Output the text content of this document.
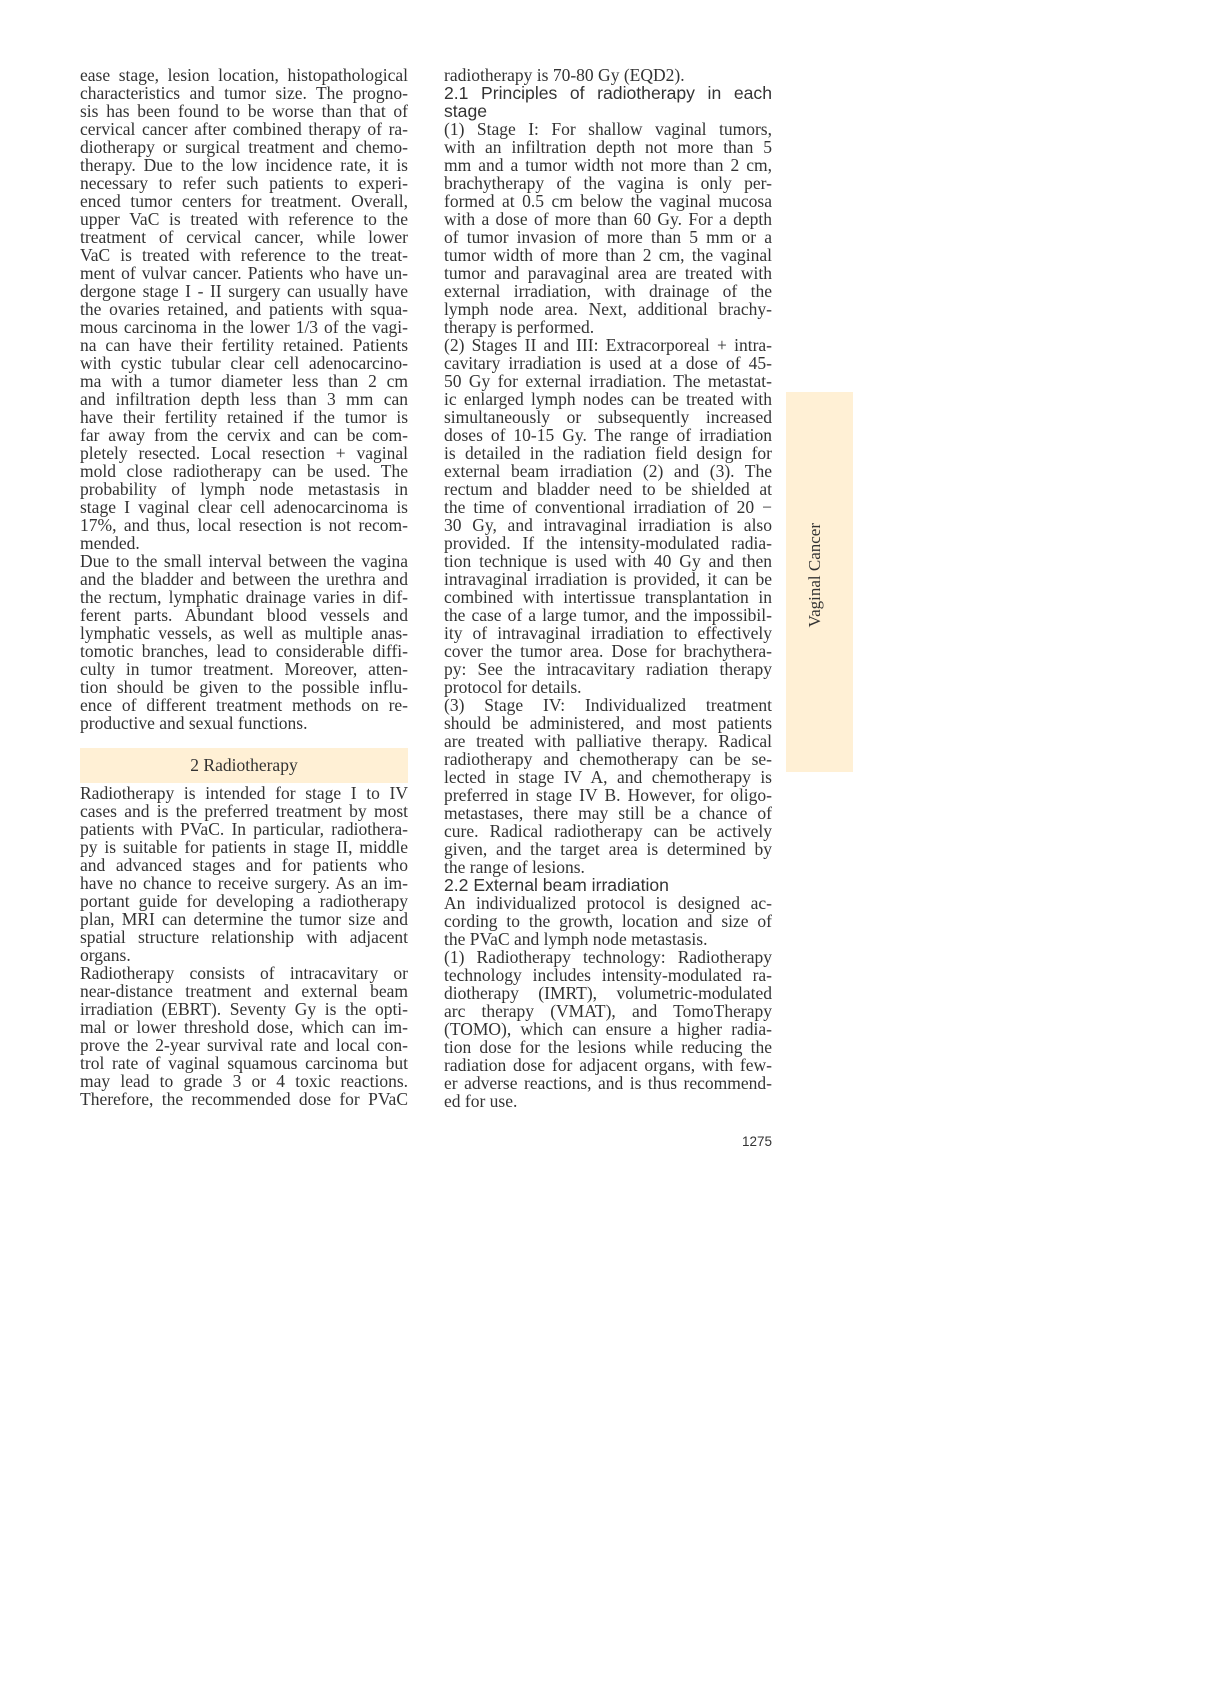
ease stage, lesion location, histopathological
characteristics and tumor size. The progno-
sis has been found to be worse than that of
cervical cancer after combined therapy of ra-
diotherapy or surgical treatment and chemo-
therapy. Due to the low incidence rate, it is
necessary to refer such patients to experi-
enced tumor centers for treatment. Overall,
upper VaC is treated with reference to the
treatment of cervical cancer, while lower
VaC is treated with reference to the treat-
ment of vulvar cancer. Patients who have un-
dergone stage I - II surgery can usually have
the ovaries retained, and patients with squa-
mous carcinoma in the lower 1/3 of the vagi-
na can have their fertility retained. Patients
with cystic tubular clear cell adenocarcino-
ma with a tumor diameter less than 2 cm
and infiltration depth less than 3 mm can
have their fertility retained if the tumor is
far away from the cervix and can be com-
pletely resected. Local resection + vaginal
mold close radiotherapy can be used. The
probability of lymph node metastasis in
stage I vaginal clear cell adenocarcinoma is
17%, and thus, local resection is not recom-
mended.
Due to the small interval between the vagina
and the bladder and between the urethra and
the rectum, lymphatic drainage varies in dif-
ferent parts. Abundant blood vessels and
lymphatic vessels, as well as multiple anas-
tomotic branches, lead to considerable diffi-
culty in tumor treatment. Moreover, atten-
tion should be given to the possible influ-
ence of different treatment methods on re-
productive and sexual functions.
2 Radiotherapy
Radiotherapy is intended for stage I to IV
cases and is the preferred treatment by most
patients with PVaC. In particular, radiothera-
py is suitable for patients in stage II, middle
and advanced stages and for patients who
have no chance to receive surgery. As an im-
portant guide for developing a radiotherapy
plan, MRI can determine the tumor size and
spatial structure relationship with adjacent
organs.
Radiotherapy consists of intracavitary or
near-distance treatment and external beam
irradiation (EBRT). Seventy Gy is the opti-
mal or lower threshold dose, which can im-
prove the 2-year survival rate and local con-
trol rate of vaginal squamous carcinoma but
may lead to grade 3 or 4 toxic reactions.
Therefore, the recommended dose for PVaC
radiotherapy is 70-80 Gy (EQD2).
2.1 Principles of radiotherapy in each
stage
(1) Stage I: For shallow vaginal tumors,
with an infiltration depth not more than 5
mm and a tumor width not more than 2 cm,
brachytherapy of the vagina is only per-
formed at 0.5 cm below the vaginal mucosa
with a dose of more than 60 Gy. For a depth
of tumor invasion of more than 5 mm or a
tumor width of more than 2 cm, the vaginal
tumor and paravaginal area are treated with
external irradiation, with drainage of the
lymph node area. Next, additional brachy-
therapy is performed.
(2) Stages II and III: Extracorporeal + intra-
cavitary irradiation is used at a dose of 45-
50 Gy for external irradiation. The metastat-
ic enlarged lymph nodes can be treated with
simultaneously or subsequently increased
doses of 10-15 Gy. The range of irradiation
is detailed in the radiation field design for
external beam irradiation (2) and (3). The
rectum and bladder need to be shielded at
the time of conventional irradiation of 20 −
30 Gy, and intravaginal irradiation is also
provided. If the intensity-modulated radia-
tion technique is used with 40 Gy and then
intravaginal irradiation is provided, it can be
combined with intertissue transplantation in
the case of a large tumor, and the impossibil-
ity of intravaginal irradiation to effectively
cover the tumor area. Dose for brachythera-
py: See the intracavitary radiation therapy
protocol for details.
(3) Stage IV: Individualized treatment
should be administered, and most patients
are treated with palliative therapy. Radical
radiotherapy and chemotherapy can be se-
lected in stage IV A, and chemotherapy is
preferred in stage IV B. However, for oligo-
metastases, there may still be a chance of
cure. Radical radiotherapy can be actively
given, and the target area is determined by
the range of lesions.
2.2 External beam irradiation
An individualized protocol is designed ac-
cording to the growth, location and size of
the PVaC and lymph node metastasis.
(1) Radiotherapy technology: Radiotherapy
technology includes intensity-modulated ra-
diotherapy (IMRT), volumetric-modulated
arc therapy (VMAT), and TomoTherapy
(TOMO), which can ensure a higher radia-
tion dose for the lesions while reducing the
radiation dose for adjacent organs, with few-
er adverse reactions, and is thus recommend-
ed for use.
Vaginal Cancer
1275
